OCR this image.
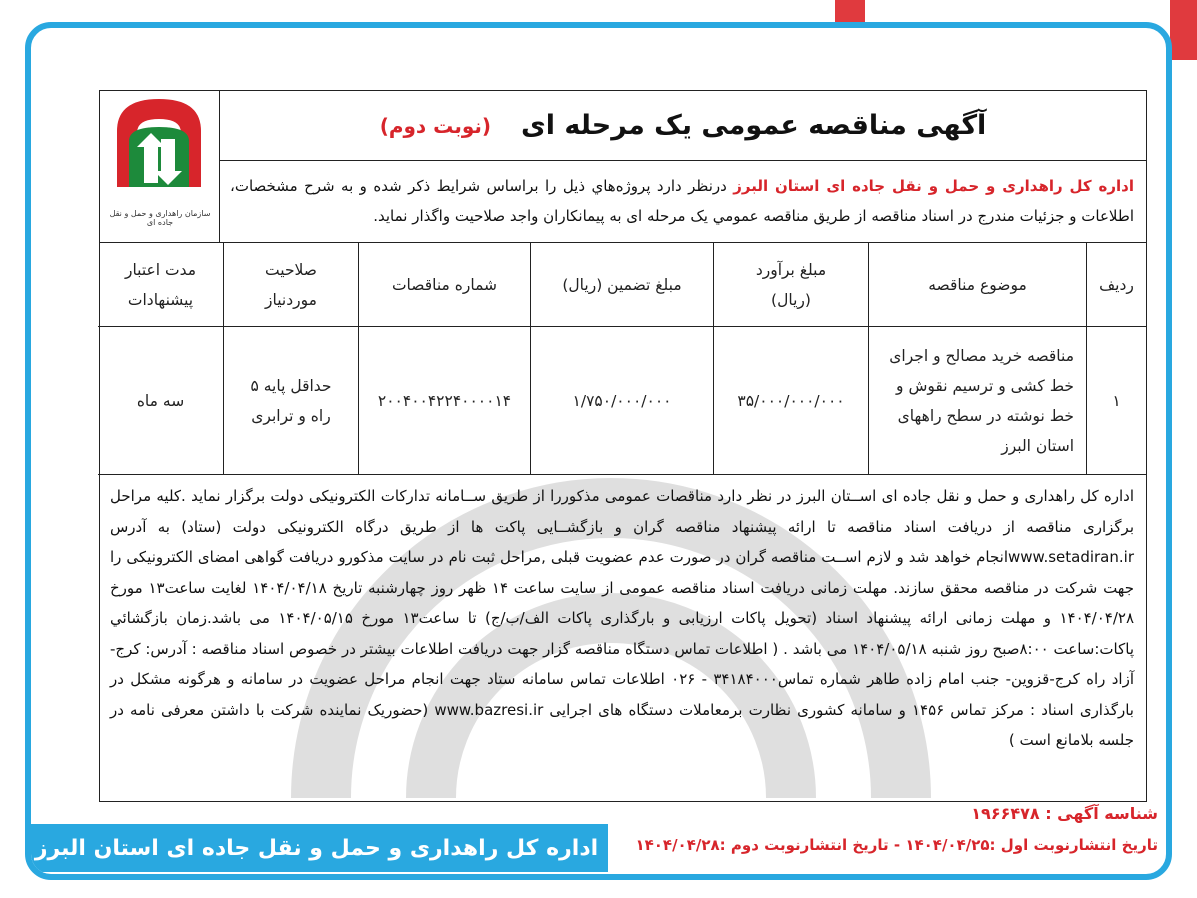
سازمان راهداری و حمل و نقل جاده ای
آگهی مناقصه عمومی یک مرحله ای
(نوبت دوم)
اداره کل راهداری و حمل و نقل جاده ای استان البرز درنظر دارد پروژه‌هاي ذيل را براساس شرايط ذكر شده و به شرح مشخصات، اطلاعات و جزئیات مندرج در اسناد مناقصه از طریق مناقصه عمومي یک مرحله ای به پیمانكاران واجد صلاحیت واگذار نماید.
ردیف
موضوع مناقصه
مبلغ برآورد (ريال)
مبلغ تضمین (ريال)
شماره مناقصات
صلاحیت موردنیاز
مدت اعتبار پیشنهادات
۱
مناقصه خرید مصالح و اجرای خط کشی و ترسیم نقوش و خط نوشته در سطح راههای استان البرز
۳۵/۰۰۰/۰۰۰/۰۰۰
۱/۷۵۰/۰۰۰/۰۰۰
۲۰۰۴۰۰۴۲۲۴۰۰۰۰۱۴
حداقل پایه ۵ راه و ترابری
سه ماه
اداره کل راهداری و حمل و نقل جاده ای اســتان البرز در نظر دارد مناقصات عمومی مذکوررا از طریق ســامانه تدارکات الکترونیکی دولت برگزار نماید .کلیه مراحل برگزاری مناقصه از دریافت اسناد مناقصه تا ارائه پیشنهاد مناقصه گران و بازگشــایی پاکت ها از طریق درگاه الکترونیکی دولت (ستاد) به آدرس www.setadiran.irانجام خواهد شد و لازم اســت مناقصه گران در صورت عدم عضویت قبلی ,مراحل ثبت نام در سایت مذکورو دریافت گواهی امضای الکترونیکی را جهت شرکت در مناقصه محقق سازند. مهلت زمانی دریافت اسناد مناقصه عمومی از سایت ساعت ۱۴ ظهر روز چهارشنبه تاریخ ۱۴۰۴/۰۴/۱۸ لغایت ساعت۱۳ مورخ ۱۴۰۴/۰۴/۲۸ و مهلت زمانی ارائه پیشنهاد اسناد (تحویل پاکات ارزیابی و بارگذاری پاکات الف/ب/ج) تا ساعت۱۳ مورخ ۱۴۰۴/۰۵/۱۵ می باشد.زمان بازگشائي پاكات:ساعت ۸:۰۰صبح روز شنبه ۱۴۰۴/۰۵/۱۸ می باشد . ( اطلاعات تماس دستگاه مناقصه گزار جهت دریافت اطلاعات بیشتر در خصوص اسناد مناقصه : آدرس: کرج-آزاد راه کرج-قزوین- جنب امام زاده طاهر شماره تماس۳۴۱۸۴۰۰۰ - ۰۲۶ اطلاعات تماس سامانه ستاد جهت انجام مراحل عضویت در سامانه و هرگونه مشکل در بارگذاری اسناد : مرکز تماس ۱۴۵۶ و سامانه کشوری نظارت برمعاملات دستگاه های اجرایی www.bazresi.ir (حضوریک نماینده شرکت با داشتن معرفی نامه در جلسه بلامانع است )
شناسه آگهی : ۱۹۶۶۴۷۸
تاریخ انتشارنوبت اول :۱۴۰۴/۰۴/۲۵ - تاریخ انتشارنوبت دوم :۱۴۰۴/۰۴/۲۸
اداره کل راهداری و حمل و نقل جاده ای استان البرز
